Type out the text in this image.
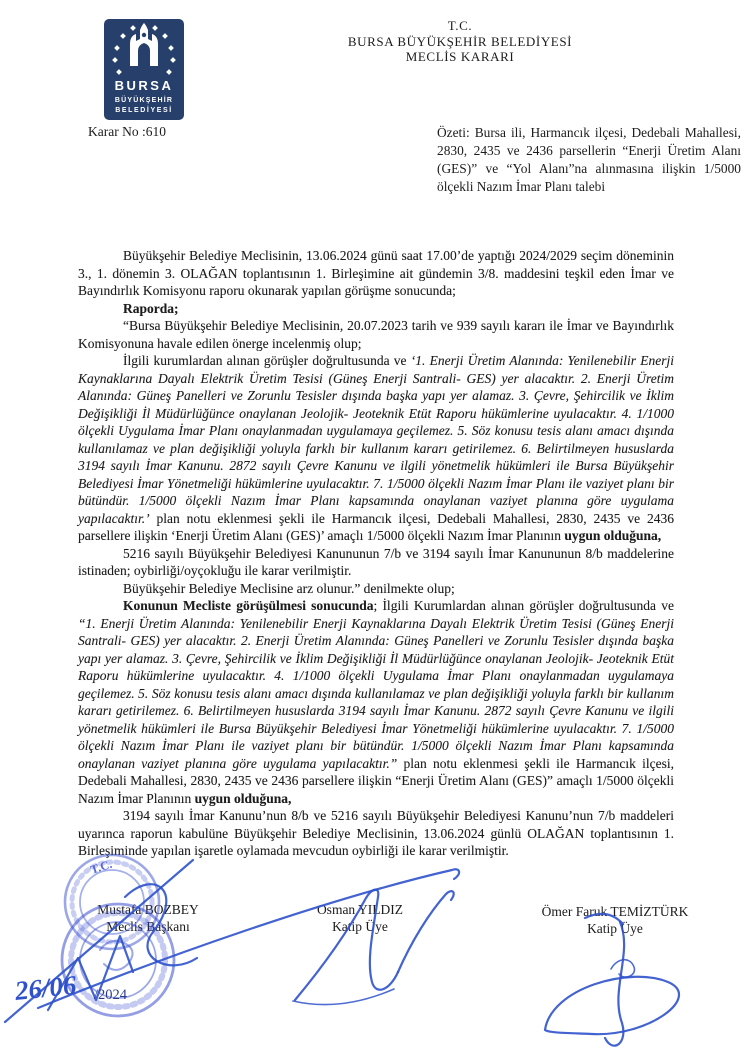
BURSA
BÜYÜKŞEHİR
BELEDİYESİ
T.C.
BURSA BÜYÜKŞEHİR BELEDİYESİ
MECLİS KARARI
Karar No :610	Özeti: Bursa ili, Harmancık ilçesi, Dedebali Mahallesi, 2830, 2435 ve 2436 parsellerin “Enerji Üretim Alanı (GES)” ve “Yol Alanı”na alınmasına ilişkin 1/5000 ölçekli Nazım İmar Planı talebi

Büyükşehir Belediye Meclisinin, 13.06.2024 günü saat 17.00’de yaptığı 2024/2029 seçim döneminin 3., 1. dönemin 3. OLAĞAN toplantısının 1. Birleşimine ait gündemin 3/8. maddesini teşkil eden İmar ve Bayındırlık Komisyonu raporu okunarak yapılan görüşme sonucunda;

Raporda;

“Bursa Büyükşehir Belediye Meclisinin, 20.07.2023 tarih ve 939 sayılı kararı ile İmar ve Bayındırlık Komisyonuna havale edilen önerge incelenmiş olup;

İlgili kurumlardan alınan görüşler doğrultusunda ve ‘1. Enerji Üretim Alanında: Yenilenebilir Enerji Kaynaklarına Dayalı Elektrik Üretim Tesisi (Güneş Enerji Santrali- GES) yer alacaktır. 2. Enerji Üretim Alanında: Güneş Panelleri ve Zorunlu Tesisler dışında başka yapı yer alamaz. 3. Çevre, Şehircilik ve İklim Değişikliği İl Müdürlüğünce onaylanan Jeolojik- Jeoteknik Etüt Raporu hükümlerine uyulacaktır. 4. 1/1000 ölçekli Uygulama İmar Planı onaylanmadan uygulamaya geçilemez. 5. Söz konusu tesis alanı amacı dışında kullanılamaz ve plan değişikliği yoluyla farklı bir kullanım kararı getirilemez. 6. Belirtilmeyen hususlarda 3194 sayılı İmar Kanunu. 2872 sayılı Çevre Kanunu ve ilgili yönetmelik hükümleri ile Bursa Büyükşehir Belediyesi İmar Yönetmeliği hükümlerine uyulacaktır. 7. 1/5000 ölçekli Nazım İmar Planı ile vaziyet planı bir bütündür. 1/5000 ölçekli Nazım İmar Planı kapsamında onaylanan vaziyet planına göre uygulama yapılacaktır.’ plan notu eklenmesi şekli ile Harmancık ilçesi, Dedebali Mahallesi, 2830, 2435 ve 2436 parsellere ilişkin ‘Enerji Üretim Alanı (GES)’ amaçlı 1/5000 ölçekli Nazım İmar Planının uygun olduğuna,

5216 sayılı Büyükşehir Belediyesi Kanununun 7/b ve 3194 sayılı İmar Kanununun 8/b maddelerine istinaden; oybirliği/oyçokluğu ile karar verilmiştir.

Büyükşehir Belediye Meclisine arz olunur.” denilmekte olup;

Konunun Mecliste görüşülmesi sonucunda; İlgili Kurumlardan alınan görüşler doğrultusunda ve “1. Enerji Üretim Alanında: Yenilenebilir Enerji Kaynaklarına Dayalı Elektrik Üretim Tesisi (Güneş Enerji Santrali- GES) yer alacaktır. 2. Enerji Üretim Alanında: Güneş Panelleri ve Zorunlu Tesisler dışında başka yapı yer alamaz. 3. Çevre, Şehircilik ve İklim Değişikliği İl Müdürlüğünce onaylanan Jeolojik- Jeoteknik Etüt Raporu hükümlerine uyulacaktır. 4. 1/1000 ölçekli Uygulama İmar Planı onaylanmadan uygulamaya geçilemez. 5. Söz konusu tesis alanı amacı dışında kullanılamaz ve plan değişikliği yoluyla farklı bir kullanım kararı getirilemez. 6. Belirtilmeyen hususlarda 3194 sayılı İmar Kanunu. 2872 sayılı Çevre Kanunu ve ilgili yönetmelik hükümleri ile Bursa Büyükşehir Belediyesi İmar Yönetmeliği hükümlerine uyulacaktır. 7. 1/5000 ölçekli Nazım İmar Planı ile vaziyet planı bir bütündür. 1/5000 ölçekli Nazım İmar Planı kapsamında onaylanan vaziyet planına göre uygulama yapılacaktır.” plan notu eklenmesi şekli ile Harmancık ilçesi, Dedebali Mahallesi, 2830, 2435 ve 2436 parsellere ilişkin “Enerji Üretim Alanı (GES)” amaçlı 1/5000 ölçekli Nazım İmar Planının uygun olduğuna,

3194 sayılı İmar Kanunu’nun 8/b ve 5216 sayılı Büyükşehir Belediyesi Kanunu’nun 7/b maddeleri uyarınca raporun kabulüne Büyükşehir Belediye Meclisinin, 13.06.2024 günlü OLAĞAN toplantısının 1. Birleşiminde yapılan işaretle oylamada mevcudun oybirliği ile karar verilmiştir.

Mustafa BOZBEY
Meclis Başkanı
Osman YILDIZ
Katip Üye
Ömer Faruk TEMİZTÜRK
Katip Üye
T.C.
26/06 /2024
